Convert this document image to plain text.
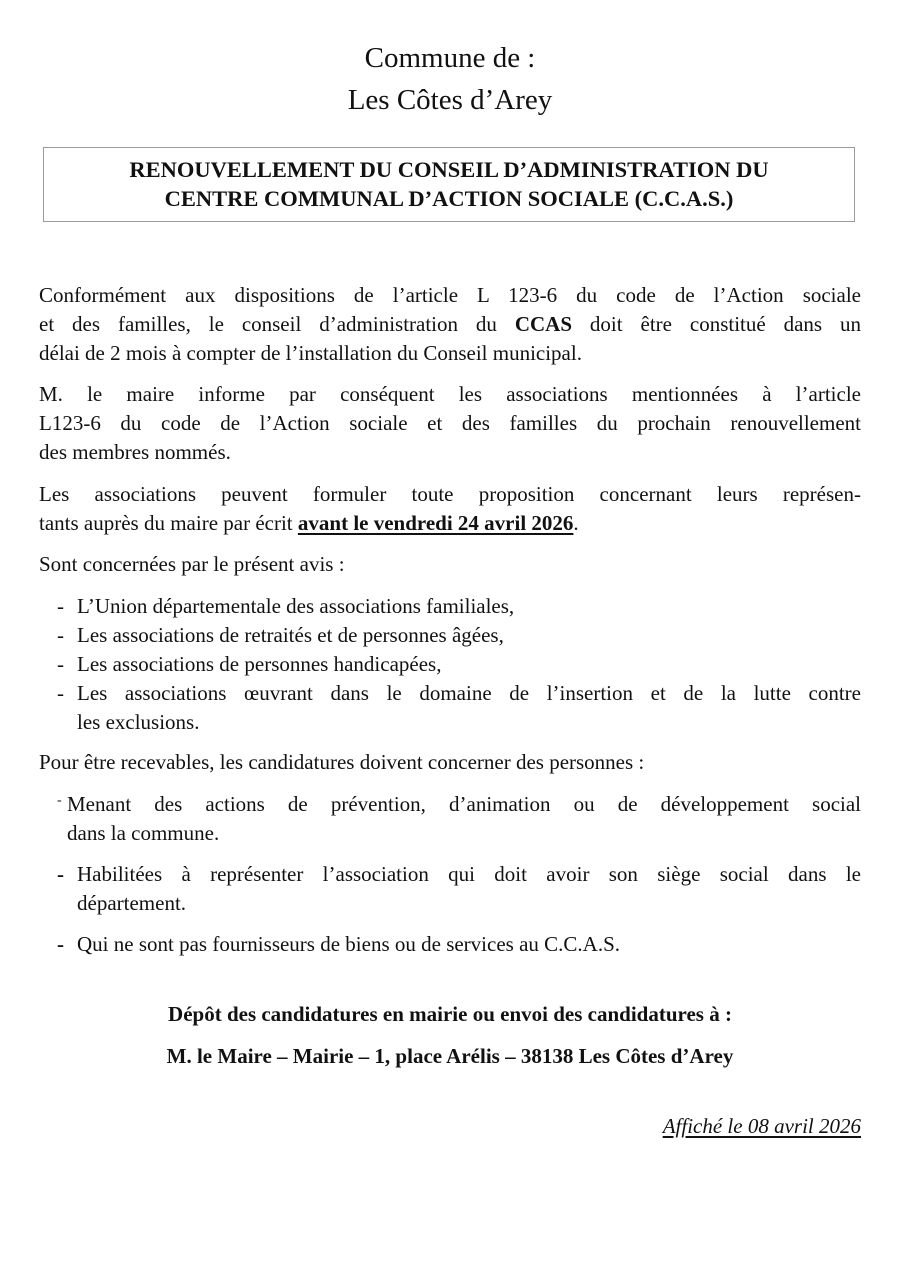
Commune de :
Les Côtes d’Arey
RENOUVELLEMENT DU CONSEIL D’ADMINISTRATION DU
CENTRE COMMUNAL D’ACTION SOCIALE (C.C.A.S.)
Conformément aux dispositions de l’article L 123-6 du code de l’Action sociale
et des familles, le conseil d’administration du CCAS doit être constitué dans un
délai de 2 mois à compter de l’installation du Conseil municipal.
M. le maire informe par conséquent les associations mentionnées à l’article
L123-6 du code de l’Action sociale et des familles du prochain renouvellement
des membres nommés.
Les associations peuvent formuler toute proposition concernant leurs représen-
tants auprès du maire par écrit avant le vendredi 24 avril 2026.
Sont concernées par le présent avis :
- L’Union départementale des associations familiales,
- Les associations de retraités et de personnes âgées,
- Les associations de personnes handicapées,
- Les associations œuvrant dans le domaine de l’insertion et de la lutte contre
les exclusions.
Pour être recevables, les candidatures doivent concerner des personnes :
- Menant des actions de prévention, d’animation ou de développement social
dans la commune.
- Habilitées à représenter l’association qui doit avoir son siège social dans le
département.
- Qui ne sont pas fournisseurs de biens ou de services au C.C.A.S.
Dépôt des candidatures en mairie ou envoi des candidatures à :
M. le Maire – Mairie – 1, place Arélis – 38138 Les Côtes d’Arey
Affiché le 08 avril 2026
